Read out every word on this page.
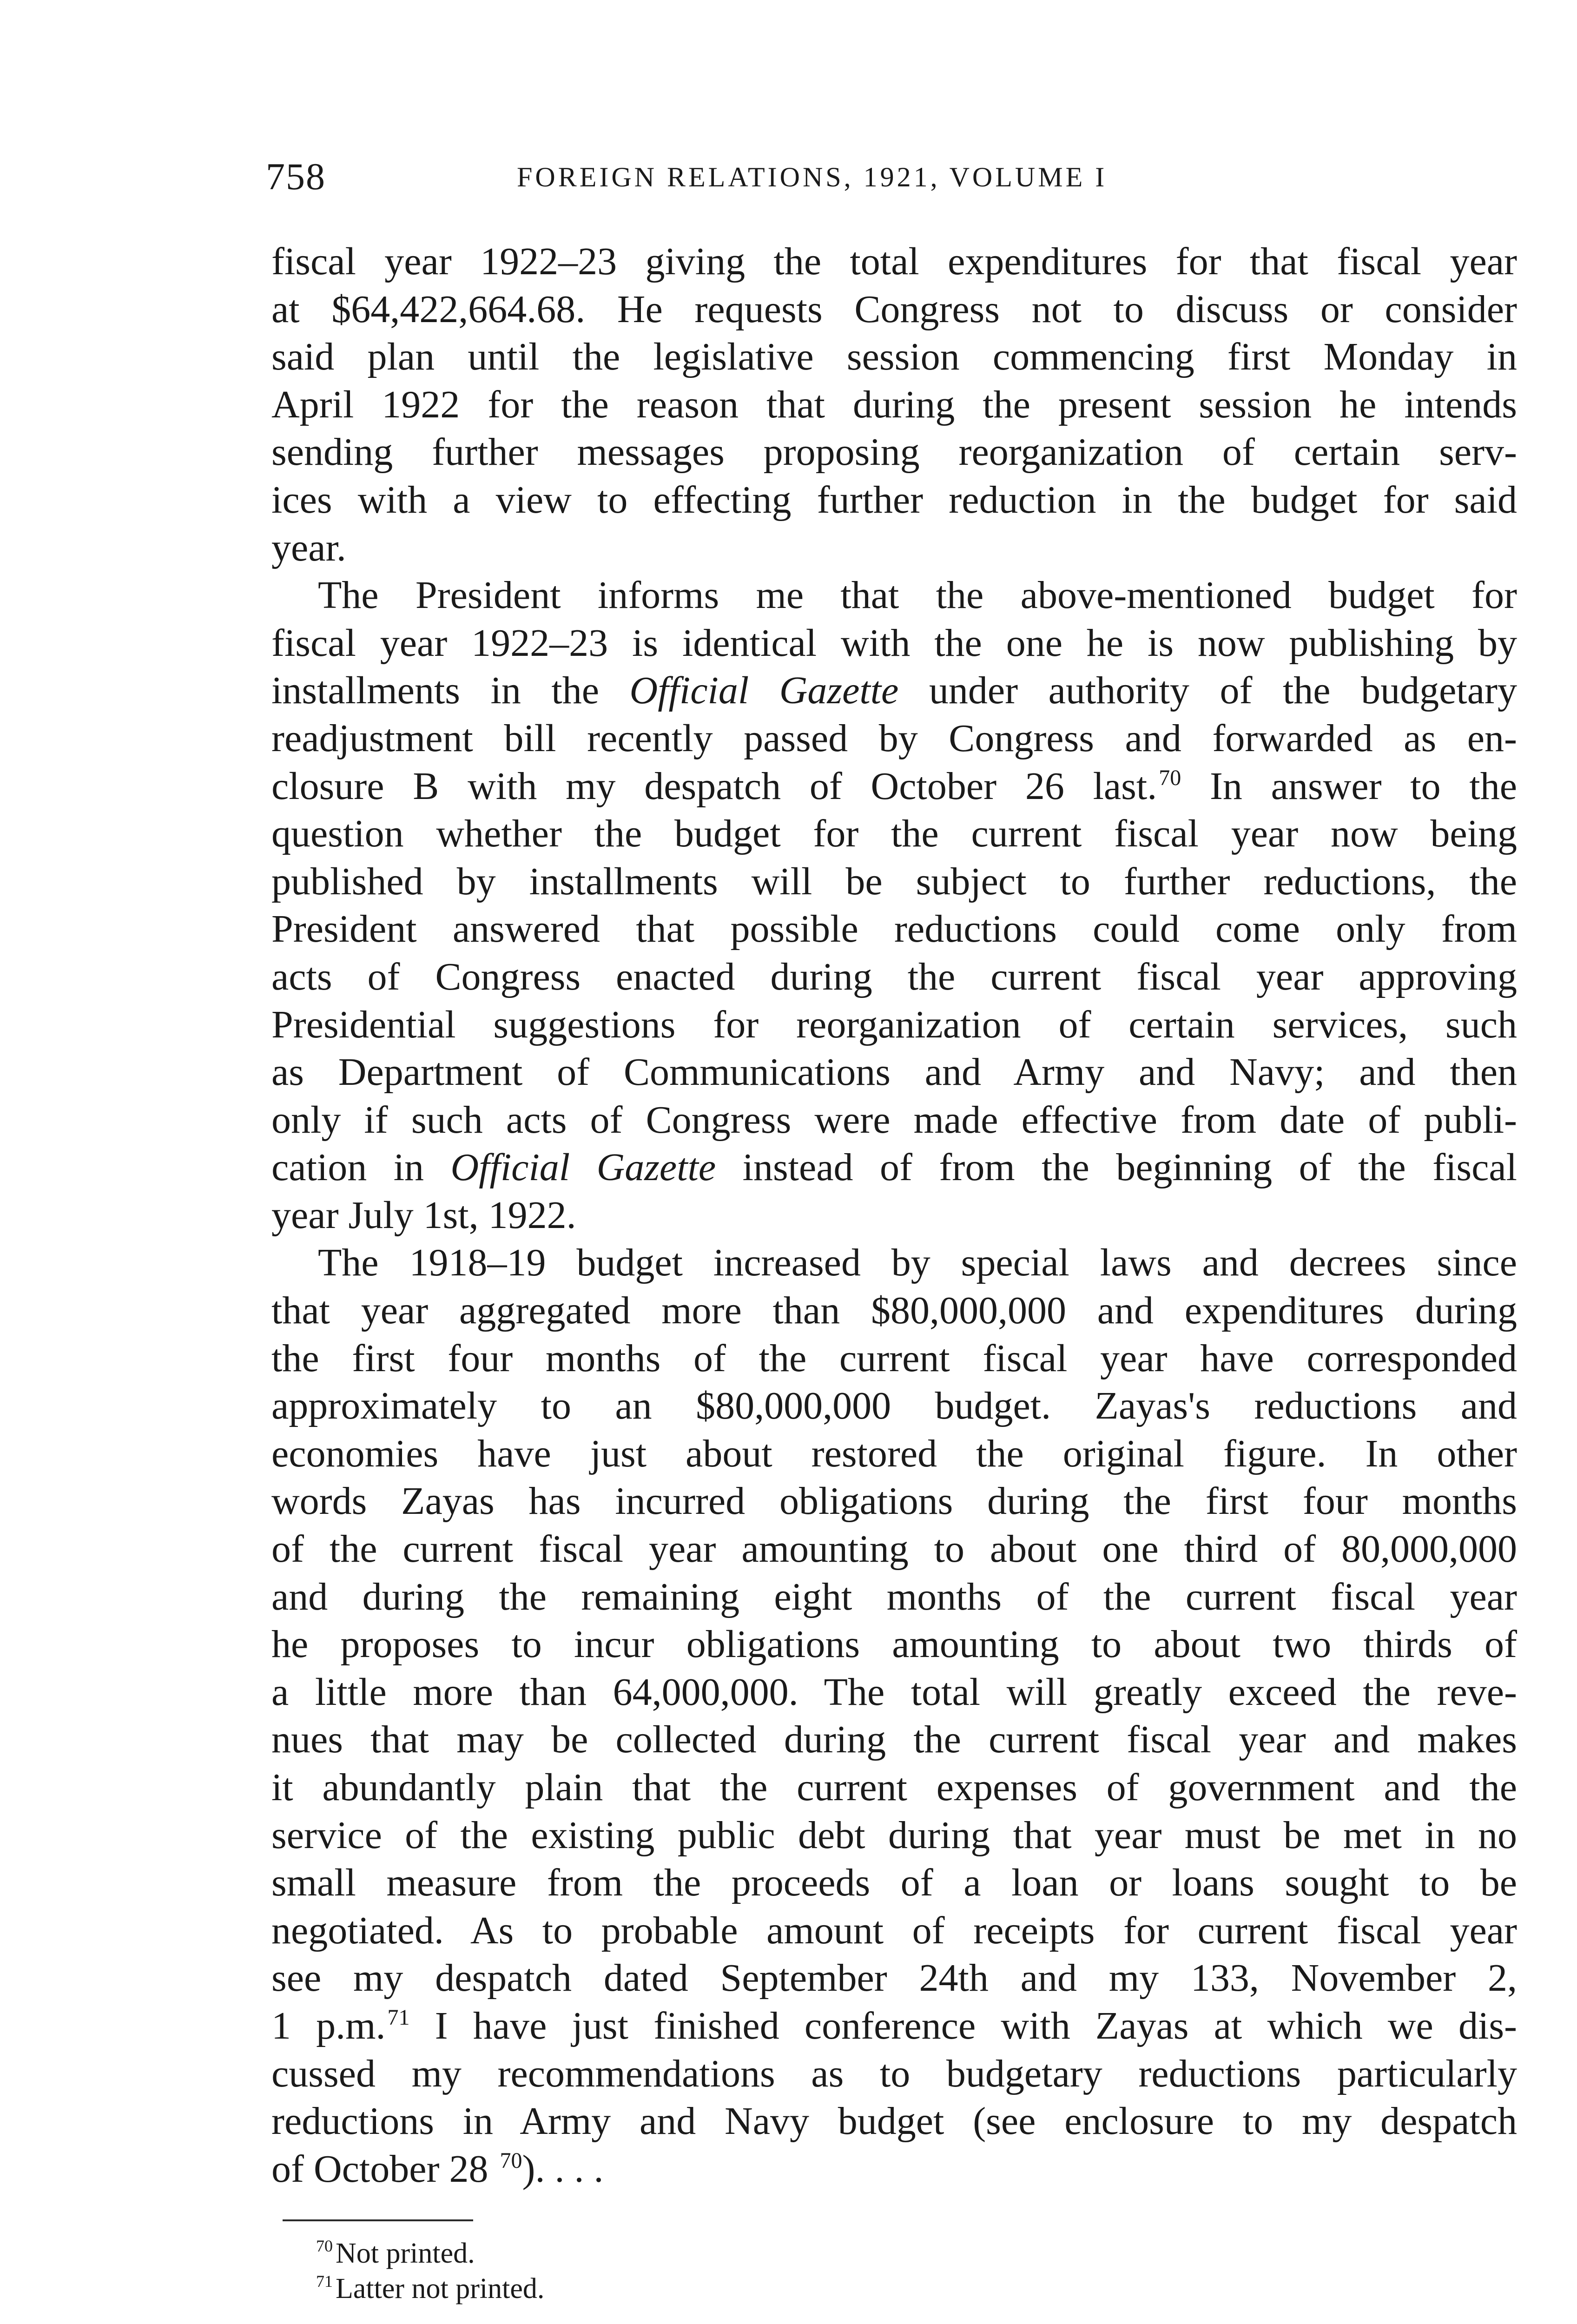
758	FOREIGN RELATIONS, 1921, VOLUME I
fiscal year 1922–23 giving the total expenditures for that fiscal year
at $64,422,664.68. He requests Congress not to discuss or consider
said plan until the legislative session commencing first Monday in
April 1922 for the reason that during the present session he intends
sending further messages proposing reorganization of certain serv-
ices with a view to effecting further reduction in the budget for said
year.
The President informs me that the above-mentioned budget for
fiscal year 1922–23 is identical with the one he is now publishing by
installments in the Official Gazette under authority of the budgetary
readjustment bill recently passed by Congress and forwarded as en-
closure B with my despatch of October 26 last.$^{70}$ In answer to the
question whether the budget for the current fiscal year now being
published by installments will be subject to further reductions, the
President answered that possible reductions could come only from
acts of Congress enacted during the current fiscal year approving
Presidential suggestions for reorganization of certain services, such
as Department of Communications and Army and Navy; and then
only if such acts of Congress were made effective from date of publi-
cation in Official Gazette instead of from the beginning of the fiscal
year July 1st, 1922.
The 1918–19 budget increased by special laws and decrees since
that year aggregated more than $80,000,000 and expenditures during
the first four months of the current fiscal year have corresponded
approximately to an $80,000,000 budget. Zayas's reductions and
economies have just about restored the original figure. In other
words Zayas has incurred obligations during the first four months
of the current fiscal year amounting to about one third of 80,000,000
and during the remaining eight months of the current fiscal year
he proposes to incur obligations amounting to about two thirds of
a little more than 64,000,000. The total will greatly exceed the reve-
nues that may be collected during the current fiscal year and makes
it abundantly plain that the current expenses of government and the
service of the existing public debt during that year must be met in no
small measure from the proceeds of a loan or loans sought to be
negotiated. As to probable amount of receipts for current fiscal year
see my despatch dated September 24th and my 133, November 2,
1 p.m.$^{71}$ I have just finished conference with Zayas at which we dis-
cussed my recommendations as to budgetary reductions particularly
reductions in Army and Navy budget (see enclosure to my despatch
of October 28 $^{70}$). . . .
$^{70}$Not printed.
$^{71}$Latter not printed.
